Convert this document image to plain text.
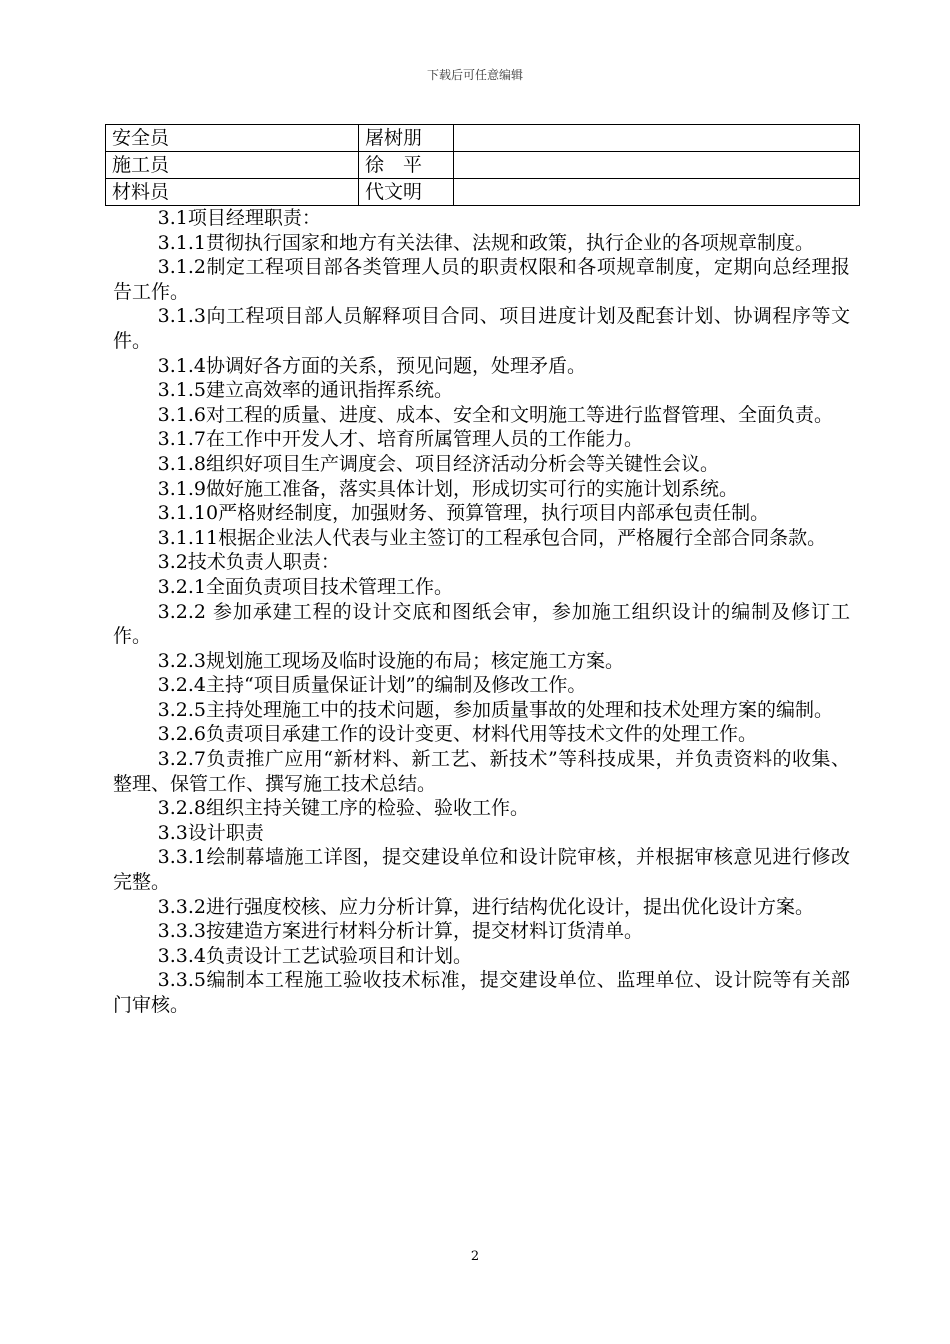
下载后可任意编辑
安全员	屠树朋	
施工员	徐　平	
材料员	代文明	

3.1项目经理职责：

3.1.1贯彻执行国家和地方有关法律、法规和政策，执行企业的各项规章制度。

3.1.2制定工程项目部各类管理人员的职责权限和各项规章制度，定期向总经理报告工作。

3.1.3向工程项目部人员解释项目合同、项目进度计划及配套计划、协调程序等文件。

3.1.4协调好各方面的关系，预见问题，处理矛盾。

3.1.5建立高效率的通讯指挥系统。

3.1.6对工程的质量、进度、成本、安全和文明施工等进行监督管理、全面负责。

3.1.7在工作中开发人才、培育所属管理人员的工作能力。

3.1.8组织好项目生产调度会、项目经济活动分析会等关键性会议。

3.1.9做好施工准备，落实具体计划，形成切实可行的实施计划系统。

3.1.10严格财经制度，加强财务、预算管理，执行项目内部承包责任制。

3.1.11根据企业法人代表与业主签订的工程承包合同，严格履行全部合同条款。

3.2技术负责人职责：

3.2.1全面负责项目技术管理工作。

3.2.2 参加承建工程的设计交底和图纸会审，参加施工组织设计的编制及修订工作。

3.2.3规划施工现场及临时设施的布局；核定施工方案。

3.2.4主持“项目质量保证计划”的编制及修改工作。

3.2.5主持处理施工中的技术问题，参加质量事故的处理和技术处理方案的编制。

3.2.6负责项目承建工作的设计变更、材料代用等技术文件的处理工作。

3.2.7负责推广应用“新材料、新工艺、新技术”等科技成果，并负责资料的收集、整理、保管工作、撰写施工技术总结。

3.2.8组织主持关键工序的检验、验收工作。

3.3设计职责

3.3.1绘制幕墙施工详图，提交建设单位和设计院审核，并根据审核意见进行修改完整。

3.3.2进行强度校核、应力分析计算，进行结构优化设计，提出优化设计方案。

3.3.3按建造方案进行材料分析计算，提交材料订货清单。

3.3.4负责设计工艺试验项目和计划。

3.3.5编制本工程施工验收技术标准，提交建设单位、监理单位、设计院等有关部门审核。

2
